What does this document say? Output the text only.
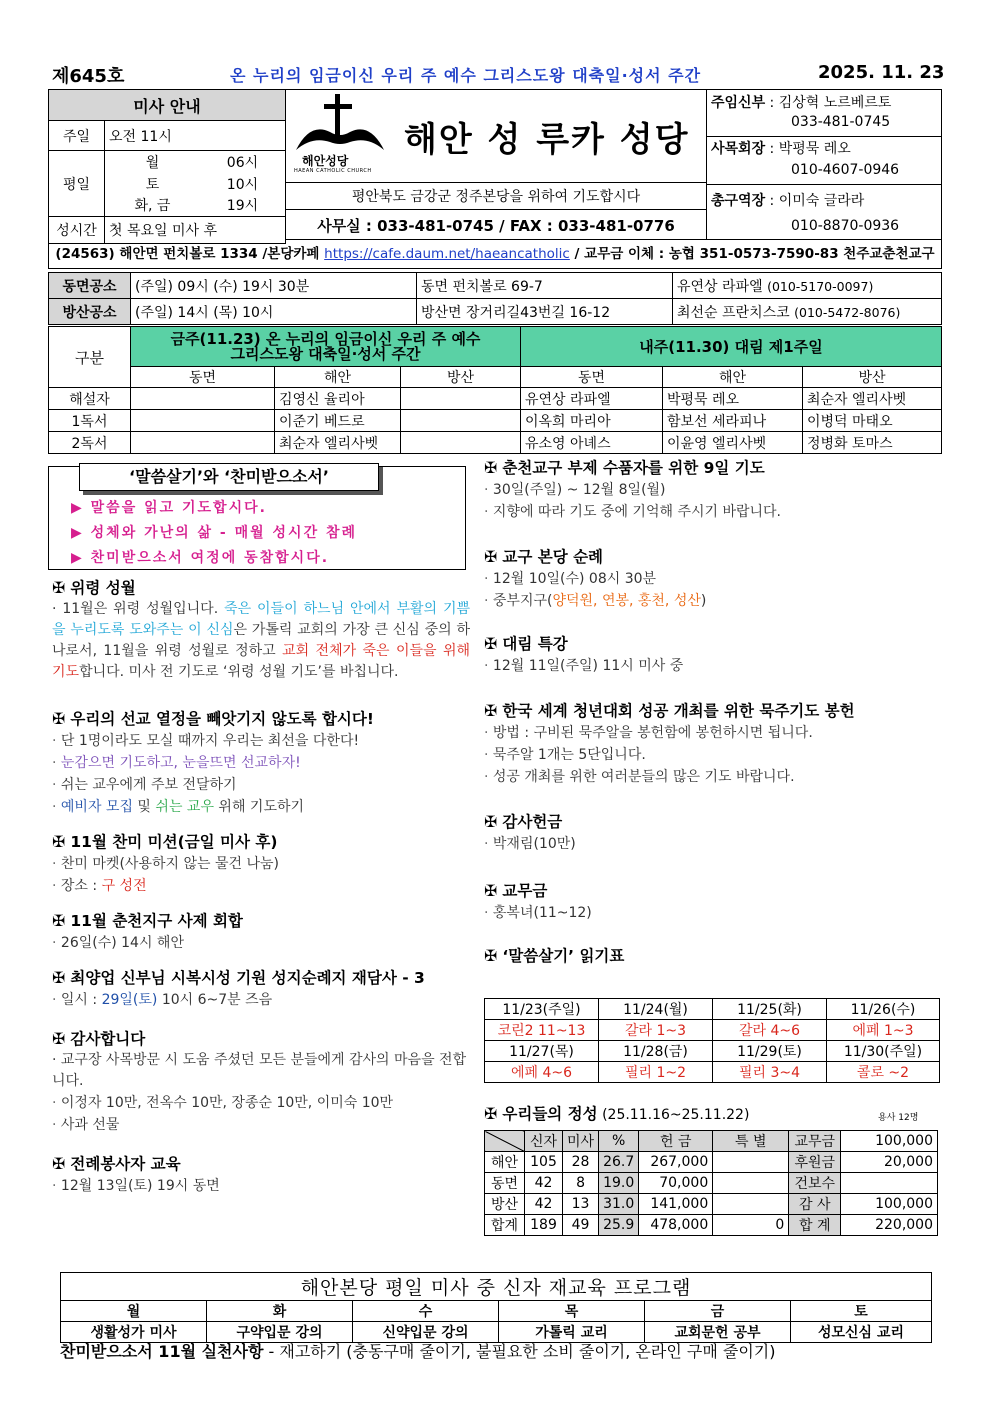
제645호	온 누리의 임금이신 우리 주 예수 그리스도왕 대축일·성서 주간	2025. 11. 23
미사 안내		
주일	오전 11시	
평일	월	06시
	토	10시
	화, 금	19시
성시간	첫 목요일 미사 후	
해안성당
HAEAN CATHOLIC CHURCH
해안 성 루카 성당
평안북도 금강군 정주본당을 위하여 기도합시다
사무실 : 033-481-0745 / FAX : 033-481-0776
주임신부 : 김상혁 노르베르토
033-481-0745
사목회장 : 박평묵 레오
010-4607-0946
총구역장 : 이미숙 글라라
010-8870-0936
(24563) 해안면 펀치볼로 1334 /본당카페 https://cafe.daum.net/haeancatholic / 교무금 이체 : 농협 351-0573-7590-83 천주교춘천교구
동면공소	(주일) 09시 (수) 19시 30분	동면 펀치볼로 69-7	유연상 라파엘 (010-5170-0097)
방산공소	(주일) 14시 (목) 10시	방산면 장거리길43번길 16-12	최선순 프란치스코 (010-5472-8076)
구분	금주(11.23) 온 누리의 임금이신 우리 주 예수
그리스도왕 대축일·성서 주간			내주(11.30) 대림 제1주일		
	동면	해안	방산	동면	해안	방산
해설자		김영신 율리아		유연상 라파엘	박평묵 레오	최순자 엘리사벳
1독서		이준기 베드로		이옥희 마리아	함보선 세라피나	이병덕 마태오
2독서		최순자 엘리사벳		유소영 아녜스	이윤영 엘리사벳	정병화 토마스
‘말씀살기’와 ‘찬미받으소서’
▶ 말씀을 읽고 기도합시다.
▶ 성체와 가난의 삶 - 매월 성시간 참례
▶ 찬미받으소서 여정에 동참합시다.
✠ 위령 성월
· 11월은 위령 성월입니다. 죽은 이들이 하느님 안에서 부활의 기쁨을 누리도록 도와주는 이 신심은 가톨릭 교회의 가장 큰 신심 중의 하나로서, 11월을 위령 성월로 정하고 교회 전체가 죽은 이들을 위해 기도합니다. 미사 전 기도로 ‘위령 성월 기도’를 바칩니다.
✠ 우리의 선교 열정을 빼앗기지 않도록 합시다!
· 단 1명이라도 모실 때까지 우리는 최선을 다한다!
· 눈감으면 기도하고, 눈을뜨면 선교하자!
· 쉬는 교우에게 주보 전달하기
· 예비자 모집 및 쉬는 교우 위해 기도하기
✠ 11월 찬미 미션(금일 미사 후)
· 찬미 마켓(사용하지 않는 물건 나눔)
· 장소 : 구 성전
✠ 11월 춘천지구 사제 회합
· 26일(수) 14시 해안
✠ 최양업 신부님 시복시성 기원 성지순례지 재담사 - 3
· 일시 : 29일(토) 10시 6~7분 즈음
✠ 감사합니다
· 교구장 사목방문 시 도움 주셨던 모든 분들에게 감사의 마음을 전합니다.
· 이정자 10만, 전옥수 10만, 장종순 10만, 이미숙 10만
· 사과 선물
✠ 전례봉사자 교육
· 12월 13일(토) 19시 동면
✠ 춘천교구 부제 수품자를 위한 9일 기도
· 30일(주일) ~ 12월 8일(월)
· 지향에 따라 기도 중에 기억해 주시기 바랍니다.
✠ 교구 본당 순례
· 12월 10일(수) 08시 30분
· 중부지구(양덕원, 연봉, 홍천, 성산)
✠ 대림 특강
· 12월 11일(주일) 11시 미사 중
✠ 한국 세계 청년대회 성공 개최를 위한 묵주기도 봉헌
· 방법 : 구비된 묵주알을 봉헌함에 봉헌하시면 됩니다.
· 묵주알 1개는 5단입니다.
· 성공 개최를 위한 여러분들의 많은 기도 바랍니다.
✠ 감사헌금
· 박재림(10만)
✠ 교무금
· 홍복녀(11~12)
✠ ‘말씀살기’ 읽기표
11/23(주일)	11/24(월)	11/25(화)	11/26(수)
코린2 11~13	갈라 1~3	갈라 4~6	에페 1~3
11/27(목)	11/28(금)	11/29(토)	11/30(주일)
에페 4~6	필리 1~2	필리 3~4	콜로 ~2
✠ 우리들의 정성 (25.11.16~25.11.22)	용사 12명
	신자	미사	%	헌 금	특 별	교무금	100,000
해안	105	28	26.7	267,000		후원금	20,000
동면	42	8	19.0	70,000		건보수	
방산	42	13	31.0	141,000		감 사	100,000
합계	189	49	25.9	478,000	0	합 계	220,000
해안본당 평일 미사 중 신자 재교육 프로그램					
월	화	수	목	금	토
생활성가 미사	구약입문 강의	신약입문 강의	가톨릭 교리	교회문헌 공부	성모신심 교리
찬미받으소서 11월 실천사항 - 재고하기 (충동구매 줄이기, 불필요한 소비 줄이기, 온라인 구매 줄이기)
